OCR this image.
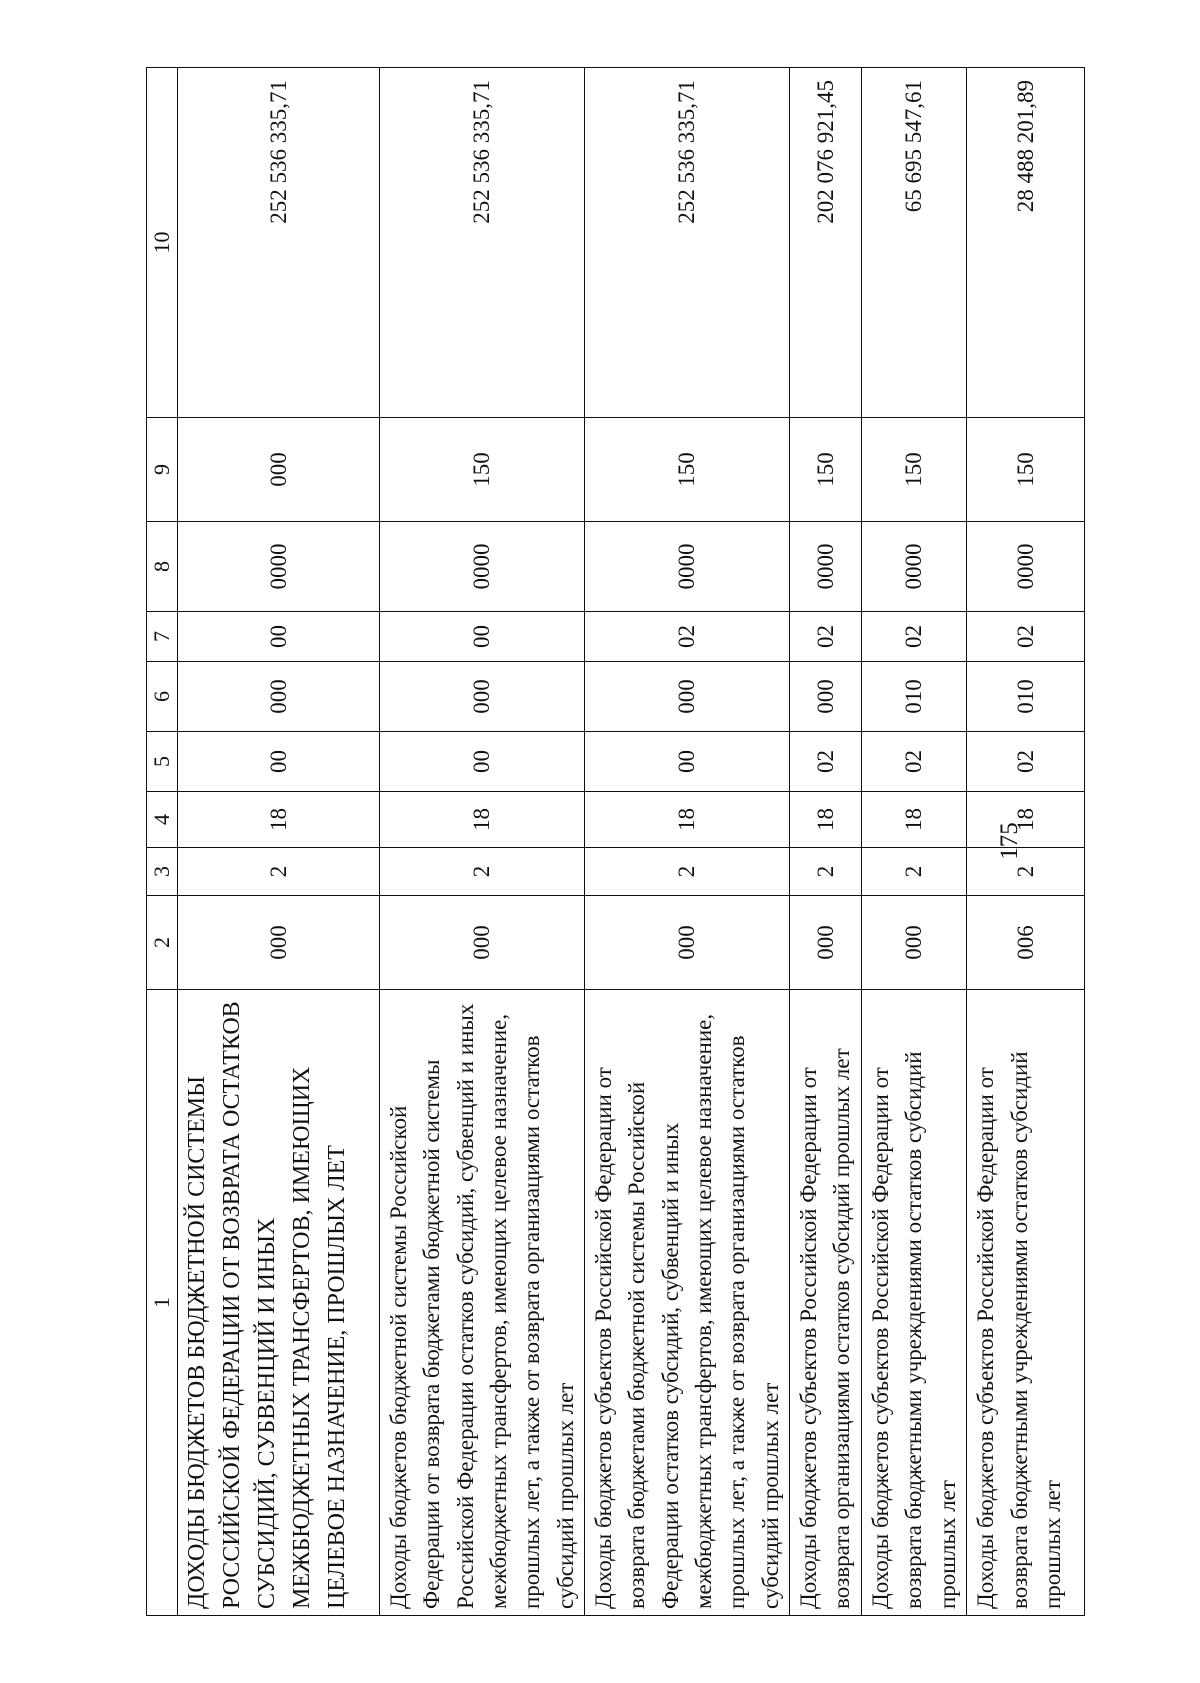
175
1	2	3	4	5	6	7	8	9	10
ДОХОДЫ БЮДЖЕТОВ БЮДЖЕТНОЙ СИСТЕМЫ РОССИЙСКОЙ ФЕДЕРАЦИИ ОТ ВОЗВРАТА ОСТАТКОВ СУБСИДИЙ, СУБВЕНЦИЙ И ИНЫХ МЕЖБЮДЖЕТНЫХ ТРАНСФЕРТОВ, ИМЕЮЩИХ ЦЕЛЕВОЕ НАЗНАЧЕНИЕ, ПРОШЛЫХ ЛЕТ	000	2	18	00	000	00	0000	000	252 536 335,71
Доходы бюджетов бюджетной системы Российской Федерации от возврата бюджетами бюджетной системы Российской Федерации остатков субсидий, субвенций и иных межбюджетных трансфертов, имеющих целевое назначение, прошлых лет, а также от возврата организациями остатков субсидий прошлых лет	000	2	18	00	000	00	0000	150	252 536 335,71
Доходы бюджетов субъектов Российской Федерации от возврата бюджетами бюджетной системы Российской Федерации остатков субсидий, субвенций и иных межбюджетных трансфертов, имеющих целевое назначение, прошлых лет, а также от возврата организациями остатков субсидий прошлых лет	000	2	18	00	000	02	0000	150	252 536 335,71
Доходы бюджетов субъектов Российской Федерации от возврата организациями остатков субсидий прошлых лет	000	2	18	02	000	02	0000	150	202 076 921,45
Доходы бюджетов субъектов Российской Федерации от возврата бюджетными учреждениями остатков субсидий прошлых лет	000	2	18	02	010	02	0000	150	65 695 547,61
Доходы бюджетов субъектов Российской Федерации от возврата бюджетными учреждениями остатков субсидий прошлых лет	006	2	18	02	010	02	0000	150	28 488 201,89
